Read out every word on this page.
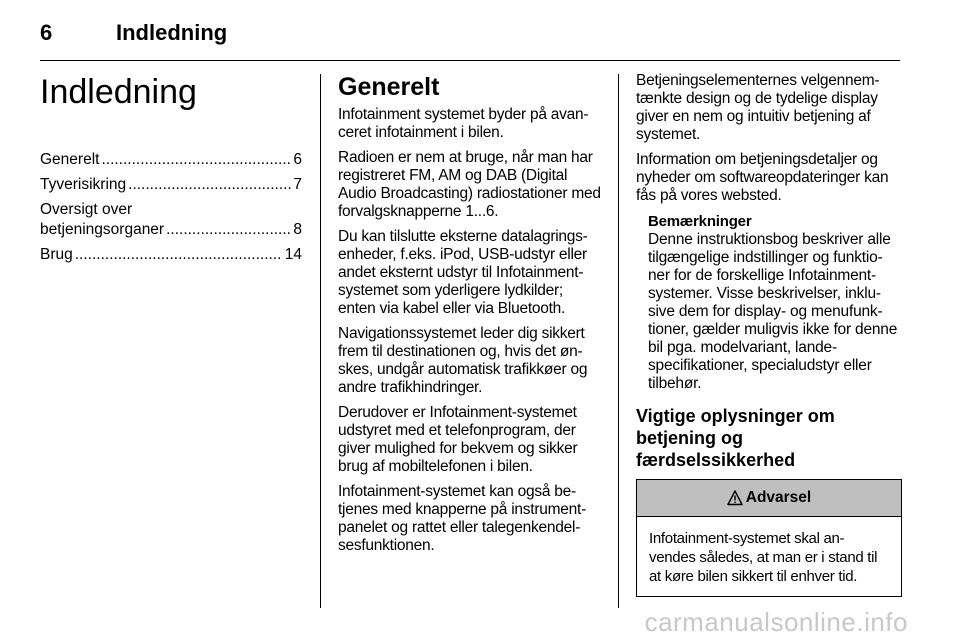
6	Indledning
Indledning
Generelt .....	6
Tyverisikring .....	7
Oversigt over
betjeningsorganer .....	8
Brug .....	14
Generelt

Infotainment systemet byder på avan-ceret infotainment i bilen.

Radioen er nem at bruge, når man har registreret FM, AM og DAB (Digital Audio Broadcasting) radiostationer med forvalgsknapperne 1...6.

Du kan tilslutte eksterne datalagrings-enheder, f.eks. iPod, USB-udstyr eller andet eksternt udstyr til Infotainment-systemet som yderligere lydkilder; enten via kabel eller via Bluetooth.

Navigationssystemet leder dig sikkert frem til destinationen og, hvis det øn-skes, undgår automatisk trafikkøer og andre trafikhindringer.

Derudover er Infotainment-systemet udstyret med et telefonprogram, der giver mulighed for bekvem og sikker brug af mobiltelefonen i bilen.

Infotainment-systemet kan også be-tjenes med knapperne på instrument-panelet og rattet eller talegenkendel-sesfunktionen.

Betjeningselementernes velgennem-tænkte design og de tydelige display giver en nem og intuitiv betjening af systemet.

Information om betjeningsdetaljer og nyheder om softwareopdateringer kan fås på vores websted.

Bemærkninger
Denne instruktionsbog beskriver alle tilgængelige indstillinger og funktio-ner for de forskellige Infotainment-systemer. Visse beskrivelser, inklu-sive dem for display- og menufunk-tioner, gælder muligvis ikke for denne bil pga. modelvariant, lande-specifikationer, specialudstyr eller tilbehør.
Vigtige oplysninger om betjening og færdselssikkerhed
Advarsel
Infotainment-systemet skal an-vendes således, at man er i stand til at køre bilen sikkert til enhver tid.
carmanualsonline.info
